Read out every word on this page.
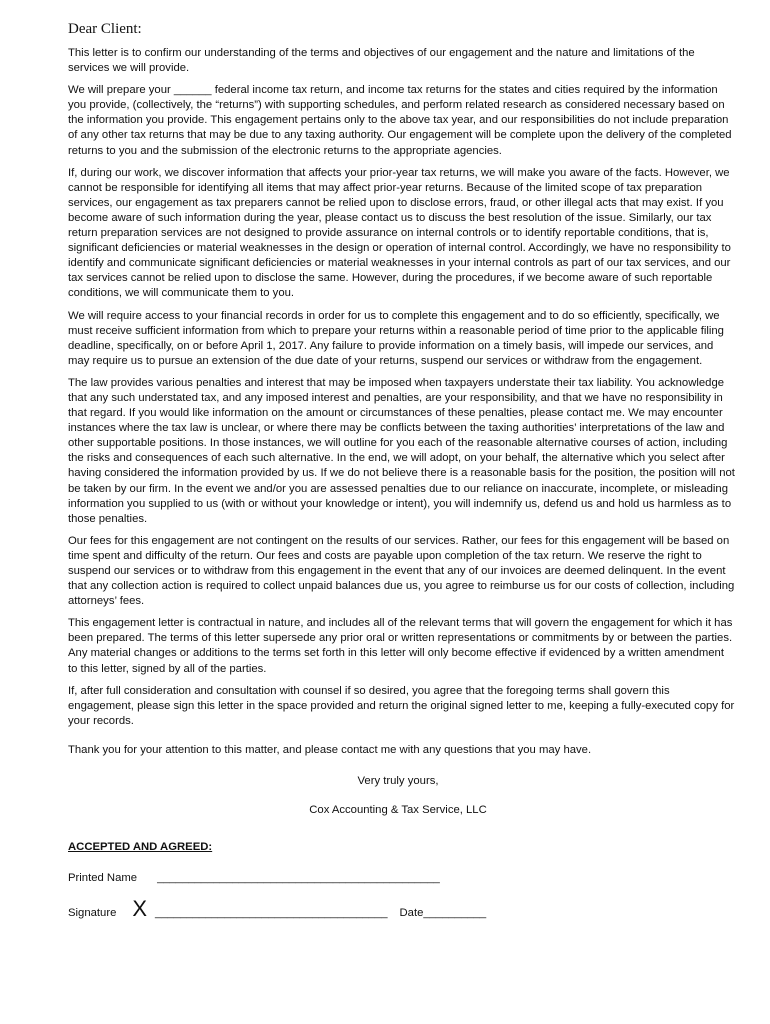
Dear Client:

This letter is to confirm our understanding of the terms and objectives of our engagement and the nature and limitations of the services we will provide.

We will prepare your ______ federal income tax return, and income tax returns for the states and cities required by the information you provide, (collectively, the “returns”) with supporting schedules, and perform related research as considered necessary based on the information you provide. This engagement pertains only to the above tax year, and our responsibilities do not include preparation of any other tax returns that may be due to any taxing authority. Our engagement will be complete upon the delivery of the completed returns to you and the submission of the electronic returns to the appropriate agencies.

If, during our work, we discover information that affects your prior-year tax returns, we will make you aware of the facts. However, we cannot be responsible for identifying all items that may affect prior-year returns. Because of the limited scope of tax preparation services, our engagement as tax preparers cannot be relied upon to disclose errors, fraud, or other illegal acts that may exist. If you become aware of such information during the year, please contact us to discuss the best resolution of the issue. Similarly, our tax return preparation services are not designed to provide assurance on internal controls or to identify reportable conditions, that is, significant deficiencies or material weaknesses in the design or operation of internal control. Accordingly, we have no responsibility to identify and communicate significant deficiencies or material weaknesses in your internal controls as part of our tax services, and our tax services cannot be relied upon to disclose the same. However, during the procedures, if we become aware of such reportable conditions, we will communicate them to you.

We will require access to your financial records in order for us to complete this engagement and to do so efficiently, specifically, we must receive sufficient information from which to prepare your returns within a reasonable period of time prior to the applicable filing deadline, specifically, on or before April 1, 2017. Any failure to provide information on a timely basis, will impede our services, and may require us to pursue an extension of the due date of your returns, suspend our services or withdraw from the engagement.

The law provides various penalties and interest that may be imposed when taxpayers understate their tax liability. You acknowledge that any such understated tax, and any imposed interest and penalties, are your responsibility, and that we have no responsibility in that regard. If you would like information on the amount or circumstances of these penalties, please contact me. We may encounter instances where the tax law is unclear, or where there may be conflicts between the taxing authorities’ interpretations of the law and other supportable positions. In those instances, we will outline for you each of the reasonable alternative courses of action, including the risks and consequences of each such alternative. In the end, we will adopt, on your behalf, the alternative which you select after having considered the information provided by us. If we do not believe there is a reasonable basis for the position, the position will not be taken by our firm. In the event we and/or you are assessed penalties due to our reliance on inaccurate, incomplete, or misleading information you supplied to us (with or without your knowledge or intent), you will indemnify us, defend us and hold us harmless as to those penalties.

Our fees for this engagement are not contingent on the results of our services. Rather, our fees for this engagement will be based on time spent and difficulty of the return. Our fees and costs are payable upon completion of the tax return. We reserve the right to suspend our services or to withdraw from this engagement in the event that any of our invoices are deemed delinquent. In the event that any collection action is required to collect unpaid balances due us, you agree to reimburse us for our costs of collection, including attorneys’ fees.

This engagement letter is contractual in nature, and includes all of the relevant terms that will govern the engagement for which it has been prepared. The terms of this letter supersede any prior oral or written representations or commitments by or between the parties. Any material changes or additions to the terms set forth in this letter will only become effective if evidenced by a written amendment to this letter, signed by all of the parties.

If, after full consideration and consultation with counsel if so desired, you agree that the foregoing terms shall govern this engagement, please sign this letter in the space provided and return the original signed letter to me, keeping a fully-executed copy for your records.

Thank you for your attention to this matter, and please contact me with any questions that you may have.

Very truly yours,

Cox Accounting & Tax Service, LLC

ACCEPTED AND AGREED:
Printed Name _____________________________________________
Signature X _____________________________________ Date __________
